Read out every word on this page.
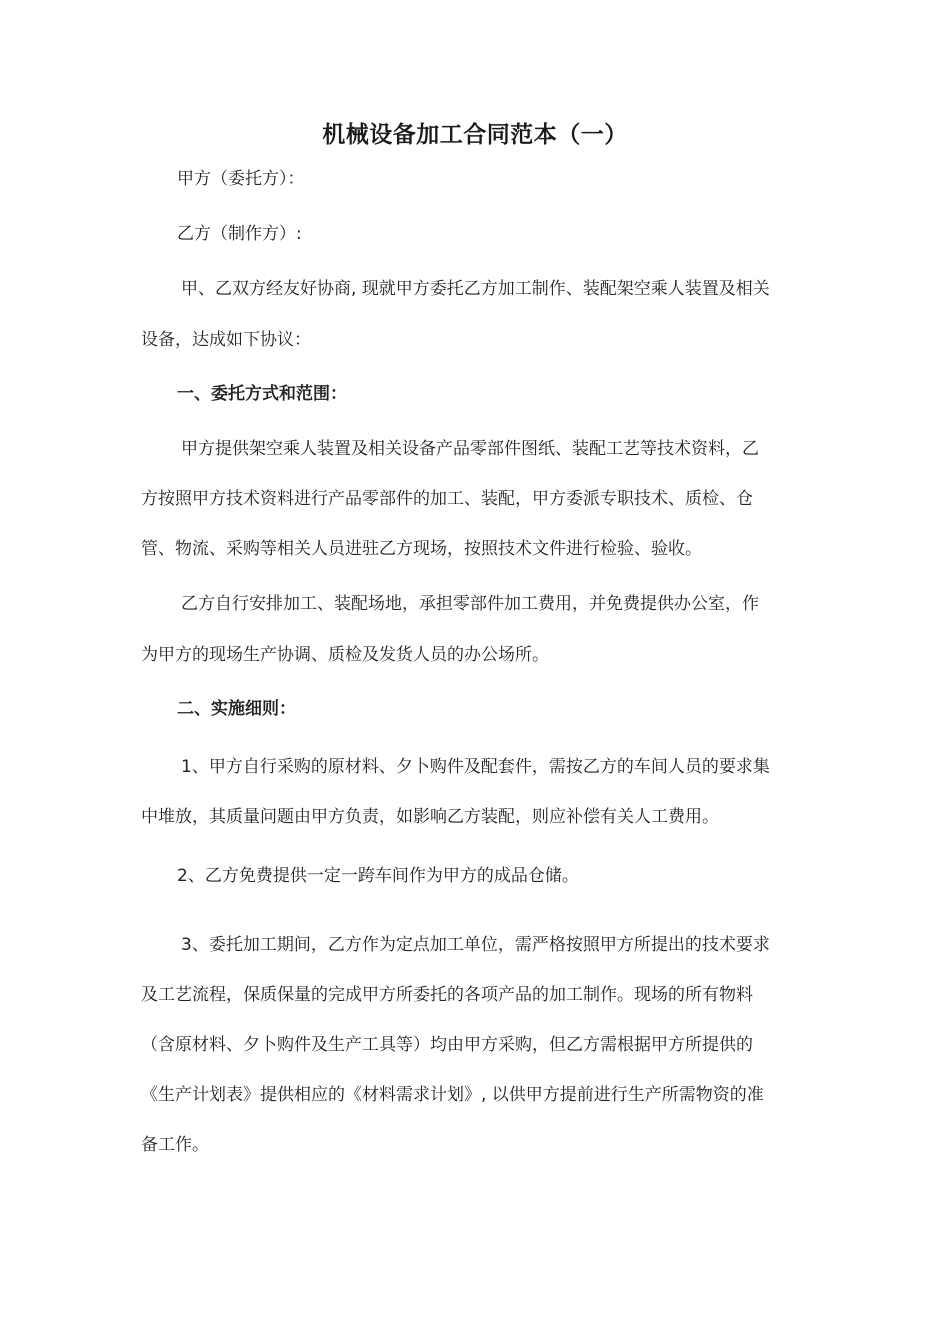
机械设备加工合同范本（一）
甲方（委托方）：
乙方（制作方）:
甲、乙双方经友好协商, 现就甲方委托乙方加工制作、装配架空乘人装置及相关
设备，达成如下协议：
一、委托方式和范围：
甲方提供架空乘人装置及相关设备产品零部件图纸、装配工艺等技术资料，乙
方按照甲方技术资料进行产品零部件的加工、装配，甲方委派专职技术、质检、仓
管、物流、采购等相关人员进驻乙方现场，按照技术文件进行检验、验收。
乙方自行安排加工、装配场地，承担零部件加工费用，并免费提供办公室，作
为甲方的现场生产协调、质检及发货人员的办公场所。
二、实施细则：
1、甲方自行采购的原材料、夕卜购件及配套件，需按乙方的车间人员的要求集
中堆放，其质量问题由甲方负责，如影响乙方装配，则应补偿有关人工费用。
2、乙方免费提供一定一跨车间作为甲方的成品仓储。
3、委托加工期间，乙方作为定点加工单位，需严格按照甲方所提出的技术要求
及工艺流程，保质保量的完成甲方所委托的各项产品的加工制作。现场的所有物料
（含原材料、夕卜购件及生产工具等）均由甲方采购，但乙方需根据甲方所提供的
《生产计划表》提供相应的《材料需求计划》, 以供甲方提前进行生产所需物资的准
备工作。
